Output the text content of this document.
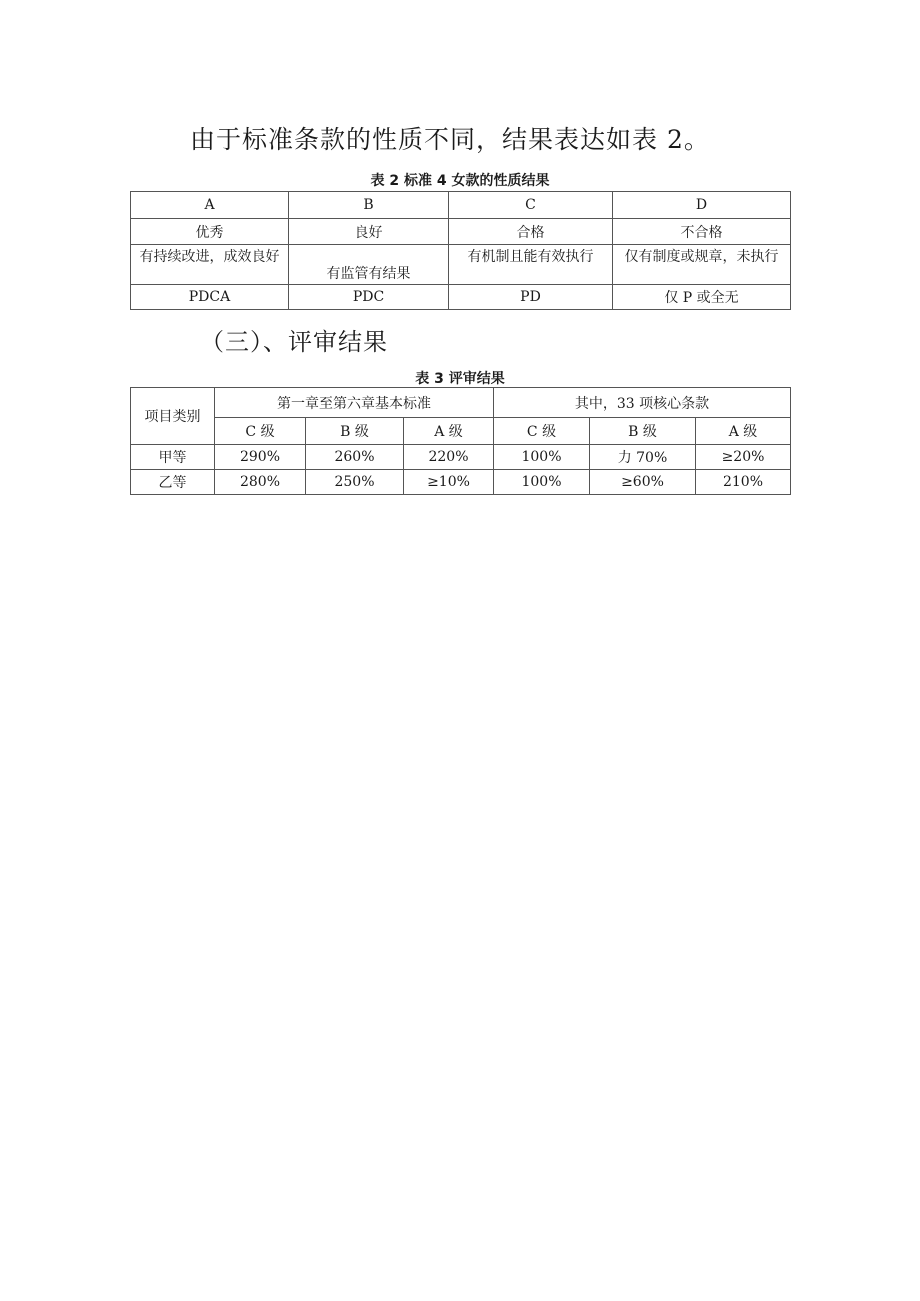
由于标准条款的性质不同，结果表达如表 2。

表 2 标准 4 女款的性质结果

A	B	C	D
优秀	良好	合格	不合格
有持续改进，成效良好	有监管有结果	有机制且能有效执行	仅有制度或规章，未执行
PDCA	PDC	PD	仅 P 或全无
（三）、评审结果

表 3 评审结果

项目类别	第一章至第六章基本标准			其中，33 项核心条款		
	C 级	B 级	A 级	C 级	B 级	A 级
甲等	290%	260%	220%	100%	力 70%	≥20%
乙等	280%	250%	≥10%	100%	≥60%	210%
